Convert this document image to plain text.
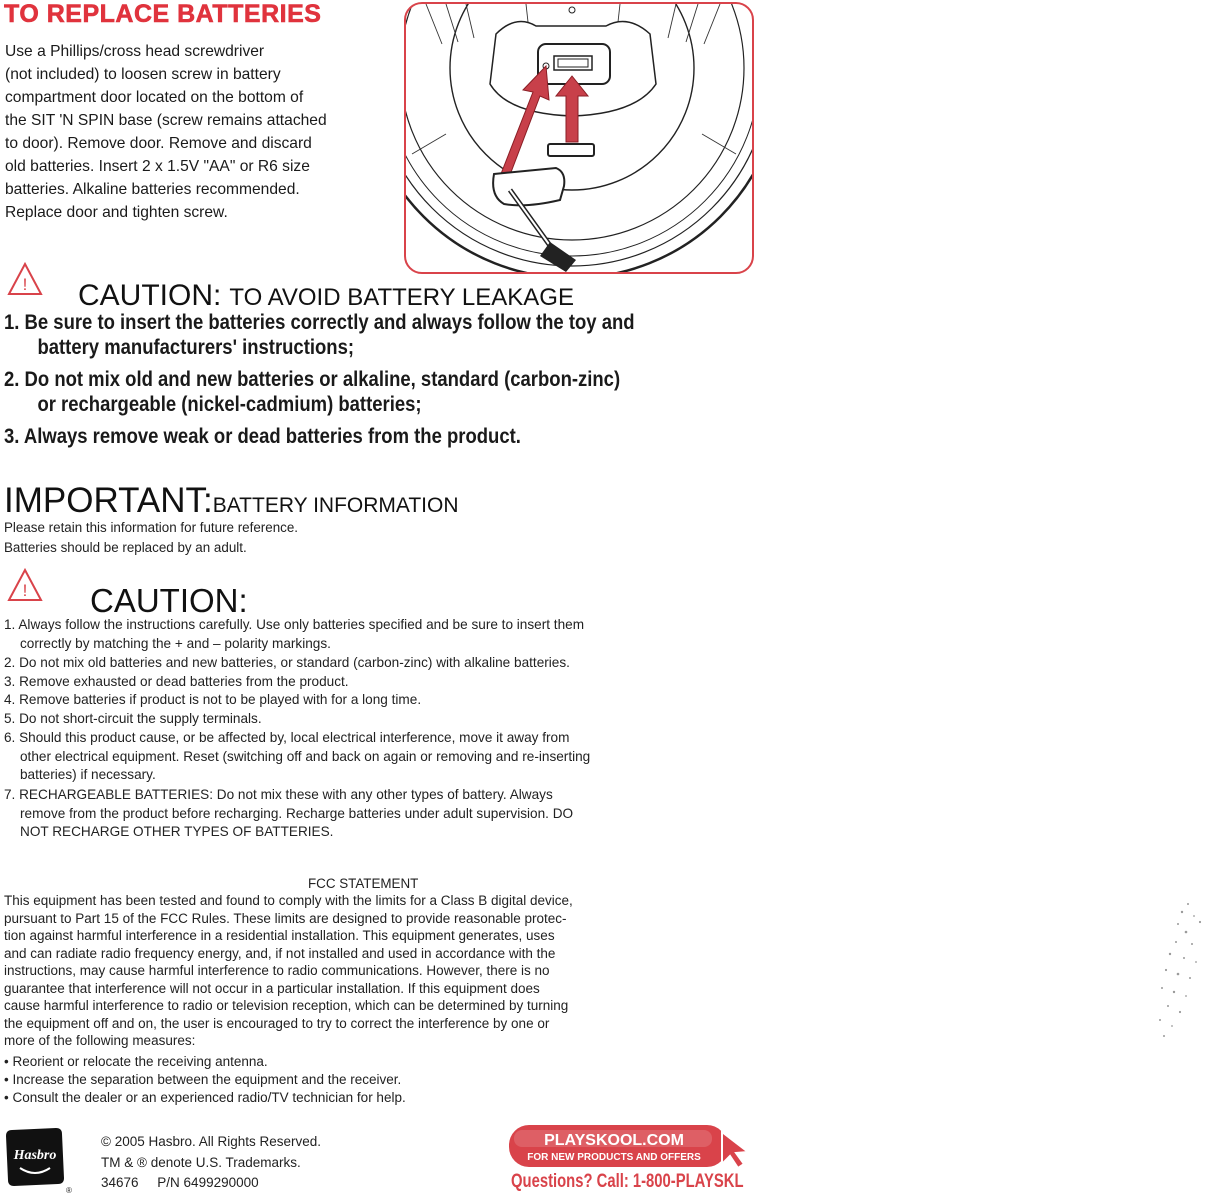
TO REPLACE BATTERIES
Use a Phillips/cross head screwdriver
(not included) to loosen screw in battery
compartment door located on the bottom of
the SIT 'N SPIN base (screw remains attached
to door). Remove door. Remove and discard
old batteries. Insert 2 x 1.5V "AA" or R6 size
batteries. Alkaline batteries recommended.
Replace door and tighten screw.
! CAUTION: TO AVOID BATTERY LEAKAGE
1. Be sure to insert the batteries correctly and always follow the toy and
battery manufacturers' instructions;
2. Do not mix old and new batteries or alkaline, standard (carbon-zinc)
or rechargeable (nickel-cadmium) batteries;
3. Always remove weak or dead batteries from the product.
IMPORTANT:BATTERY INFORMATION
Please retain this information for future reference.
Batteries should be replaced by an adult.
! CAUTION:
1. Always follow the instructions carefully. Use only batteries specified and be sure to insert them
correctly by matching the + and – polarity markings.
2. Do not mix old batteries and new batteries, or standard (carbon-zinc) with alkaline batteries.
3. Remove exhausted or dead batteries from the product.
4. Remove batteries if product is not to be played with for a long time.
5. Do not short-circuit the supply terminals.
6. Should this product cause, or be affected by, local electrical interference, move it away from
other electrical equipment. Reset (switching off and back on again or removing and re-inserting
batteries) if necessary.
7. RECHARGEABLE BATTERIES: Do not mix these with any other types of battery. Always
remove from the product before recharging. Recharge batteries under adult supervision. DO
NOT RECHARGE OTHER TYPES OF BATTERIES.
FCC STATEMENT
This equipment has been tested and found to comply with the limits for a Class B digital device,
pursuant to Part 15 of the FCC Rules. These limits are designed to provide reasonable protec-
tion against harmful interference in a residential installation. This equipment generates, uses
and can radiate radio frequency energy, and, if not installed and used in accordance with the
instructions, may cause harmful interference to radio communications. However, there is no
guarantee that interference will not occur in a particular installation. If this equipment does
cause harmful interference to radio or television reception, which can be determined by turning
the equipment off and on, the user is encouraged to try to correct the interference by one or
more of the following measures:
• Reorient or relocate the receiving antenna.
• Increase the separation between the equipment and the receiver.
• Consult the dealer or an experienced radio/TV technician for help.
Hasbro
®
© 2005 Hasbro. All Rights Reserved.
TM & ® denote U.S. Trademarks.
34676     P/N 6499290000
PLAYSKOOL.COM
FOR NEW PRODUCTS AND OFFERS
Questions? Call: 1-800-PLAYSKL
